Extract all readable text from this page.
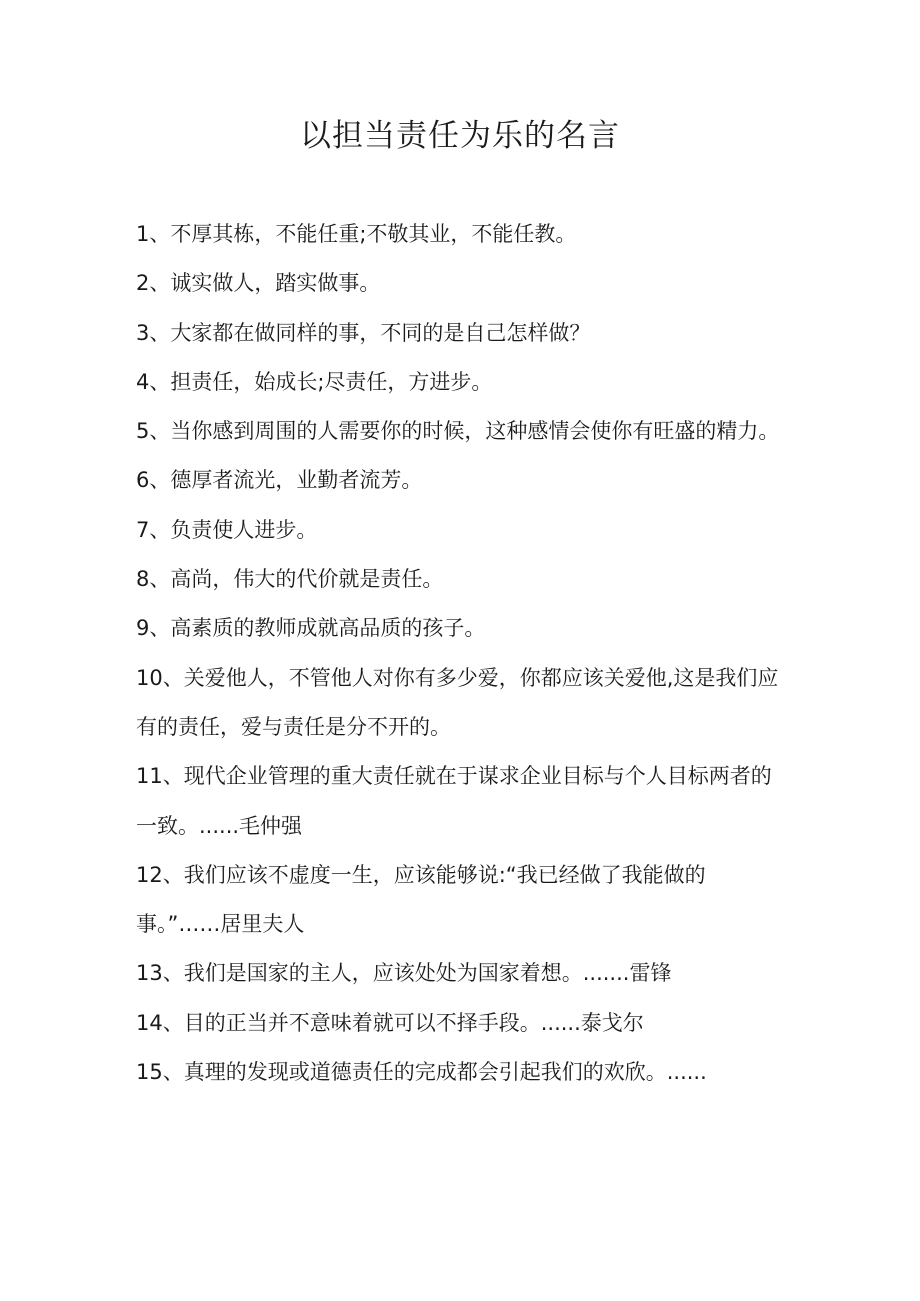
以担当责任为乐的名言
1、不厚其栋，不能任重;不敬其业，不能任教。
2、诚实做人，踏实做事。
3、大家都在做同样的事，不同的是自己怎样做？
4、担责任，始成长;尽责任，方进步。
5、当你感到周围的人需要你的时候，这种感情会使你有旺盛的精力。
6、德厚者流光，业勤者流芳。
7、负责使人进步。
8、高尚，伟大的代价就是责任。
9、高素质的教师成就高品质的孩子。
10、关爱他人，不管他人对你有多少爱，你都应该关爱他,这是我们应有的责任，爱与责任是分不开的。
11、现代企业管理的重大责任就在于谋求企业目标与个人目标两者的一致。......毛仲强
12、我们应该不虚度一生，应该能够说:“我已经做了我能做的事。”……居里夫人
13、我们是国家的主人，应该处处为国家着想。.......雷锋
14、目的正当并不意味着就可以不择手段。......泰戈尔
15、真理的发现或道德责任的完成都会引起我们的欢欣。......
